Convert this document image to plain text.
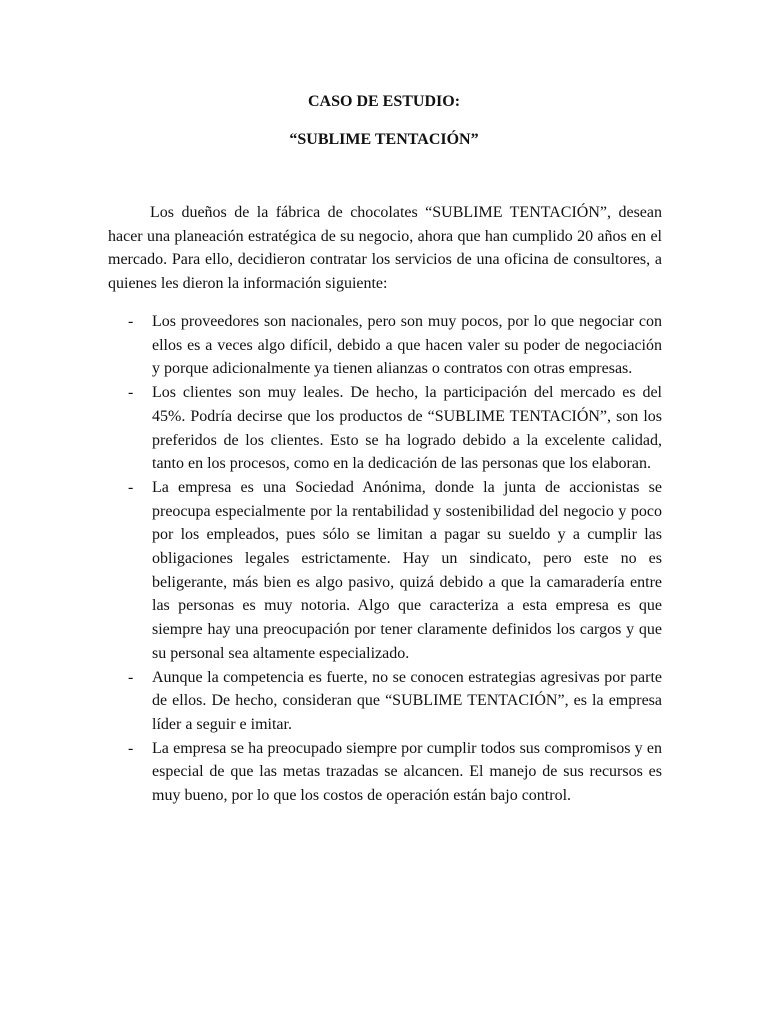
CASO DE ESTUDIO:
“SUBLIME TENTACIÓN”

Los dueños de la fábrica de chocolates “SUBLIME TENTACIÓN”, desean hacer una planeación estratégica de su negocio, ahora que han cumplido 20 años en el mercado. Para ello, decidieron contratar los servicios de una oficina de consultores, a quienes les dieron la información siguiente:

- Los proveedores son nacionales, pero son muy pocos, por lo que negociar con ellos es a veces algo difícil, debido a que hacen valer su poder de negociación y porque adicionalmente ya tienen alianzas o contratos con otras empresas.
- Los clientes son muy leales. De hecho, la participación del mercado es del 45%. Podría decirse que los productos de “SUBLIME TENTACIÓN”, son los preferidos de los clientes. Esto se ha logrado debido a la excelente calidad, tanto en los procesos, como en la dedicación de las personas que los elaboran.
- La empresa es una Sociedad Anónima, donde la junta de accionistas se preocupa especialmente por la rentabilidad y sostenibilidad del negocio y poco por los empleados, pues sólo se limitan a pagar su sueldo y a cumplir las obligaciones legales estrictamente. Hay un sindicato, pero este no es beligerante, más bien es algo pasivo, quizá debido a que la camaradería entre las personas es muy notoria. Algo que caracteriza a esta empresa es que siempre hay una preocupación por tener claramente definidos los cargos y que su personal sea altamente especializado.
- Aunque la competencia es fuerte, no se conocen estrategias agresivas por parte de ellos. De hecho, consideran que “SUBLIME TENTACIÓN”, es la empresa líder a seguir e imitar.
- La empresa se ha preocupado siempre por cumplir todos sus compromisos y en especial de que las metas trazadas se alcancen. El manejo de sus recursos es muy bueno, por lo que los costos de operación están bajo control.
